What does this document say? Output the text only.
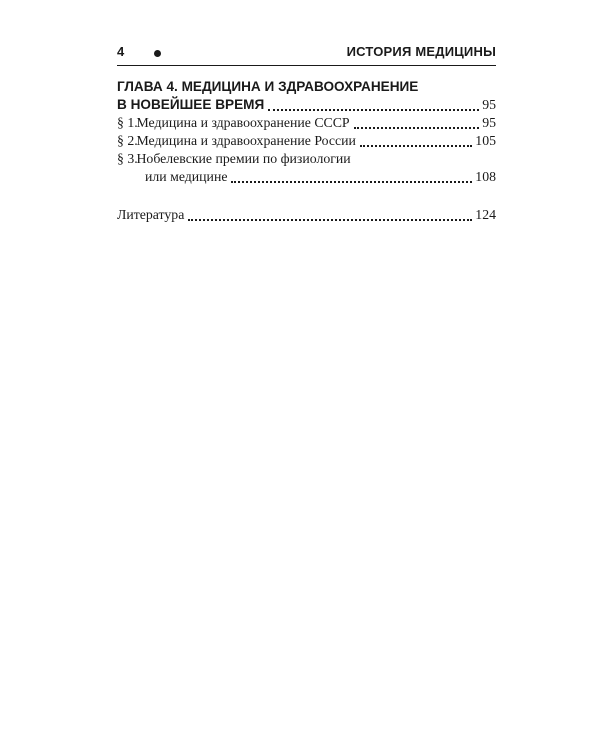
4	ИСТОРИЯ МЕДИЦИНЫ
ГЛАВА 4. МЕДИЦИНА И ЗДРАВООХРАНЕНИЕ
В НОВЕЙШЕЕ ВРЕМЯ	95
§ 1. Медицина и здравоохранение СССР	95
§ 2. Медицина и здравоохранение России	105
§ 3. Нобелевские премии по физиологии
или медицине	108
Литература	124
